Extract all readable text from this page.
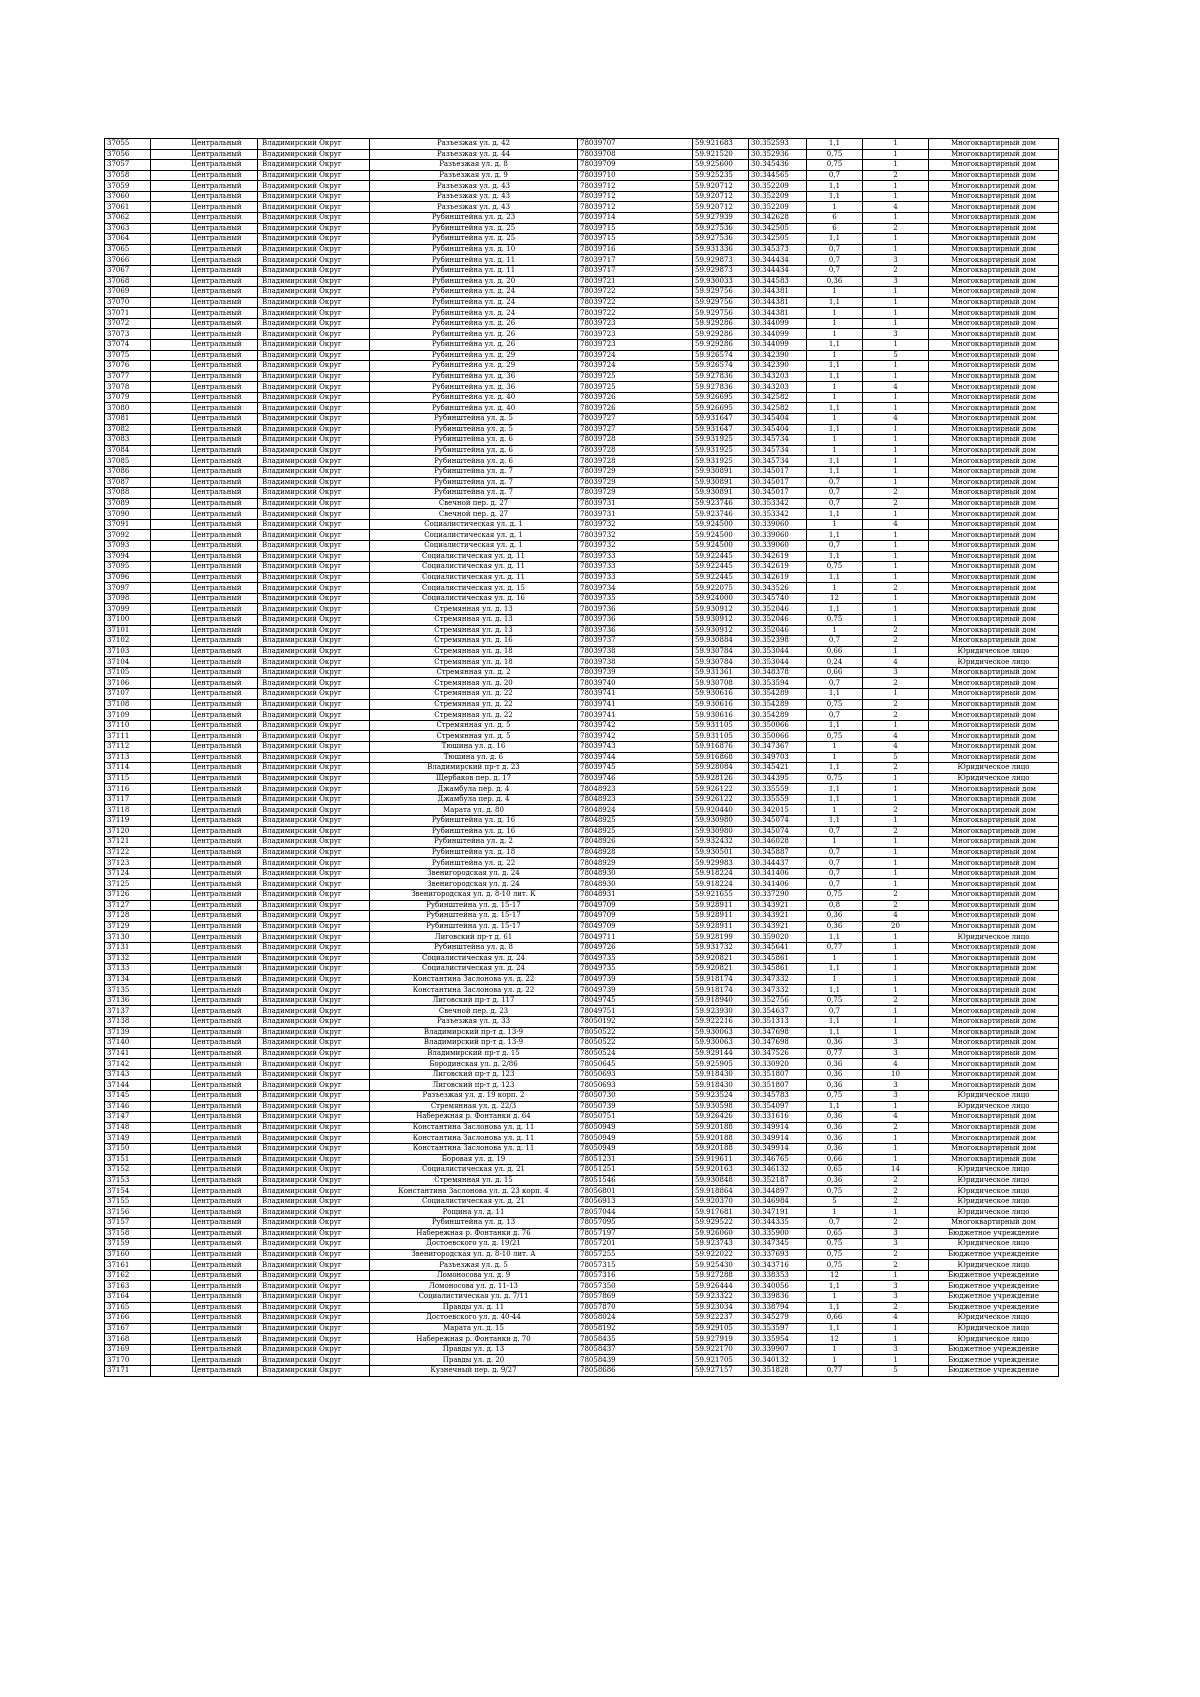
37055	Центральный	Владимирский Округ	Разъезжая ул. д. 42	78039707	59.921683	30.352593	1,1	1	Многоквартирный дом
37056	Центральный	Владимирский Округ	Разъезжая ул. д. 44	78039708	59.921520	30.352936	0,75	1	Многоквартирный дом
37057	Центральный	Владимирский Округ	Разъезжая ул. д. 8	78039709	59.925600	30.345436	0,75	1	Многоквартирный дом
37058	Центральный	Владимирский Округ	Разъезжая ул. д. 9	78039710	59.925235	30.344565	0,7	2	Многоквартирный дом
37059	Центральный	Владимирский Округ	Разъезжая ул. д. 43	78039712	59.920712	30.352209	1,1	1	Многоквартирный дом
37060	Центральный	Владимирский Округ	Разъезжая ул. д. 43	78039712	59.920712	30.352209	1,1	1	Многоквартирный дом
37061	Центральный	Владимирский Округ	Разъезжая ул. д. 43	78039712	59.920712	30.352209	1	4	Многоквартирный дом
37062	Центральный	Владимирский Округ	Рубинштейна ул. д. 23	78039714	59.927939	30.342628	6	1	Многоквартирный дом
37063	Центральный	Владимирский Округ	Рубинштейна ул. д. 25	78039715	59.927536	30.342505	6	2	Многоквартирный дом
37064	Центральный	Владимирский Округ	Рубинштейна ул. д. 25	78039715	59.927536	30.342505	1,1	1	Многоквартирный дом
37065	Центральный	Владимирский Округ	Рубинштейна ул. д. 10	78039716	59.931336	30.345373	0,7	1	Многоквартирный дом
37066	Центральный	Владимирский Округ	Рубинштейна ул. д. 11	78039717	59.929873	30.344434	0,7	3	Многоквартирный дом
37067	Центральный	Владимирский Округ	Рубинштейна ул. д. 11	78039717	59.929873	30.344434	0,7	2	Многоквартирный дом
37068	Центральный	Владимирский Округ	Рубинштейна ул. д. 20	78039721	59.930033	30.344583	0,36	3	Многоквартирный дом
37069	Центральный	Владимирский Округ	Рубинштейна ул. д. 24	78039722	59.929756	30.344381	1	1	Многоквартирный дом
37070	Центральный	Владимирский Округ	Рубинштейна ул. д. 24	78039722	59.929756	30.344381	1,1	1	Многоквартирный дом
37071	Центральный	Владимирский Округ	Рубинштейна ул. д. 24	78039722	59.929756	30.344381	1	1	Многоквартирный дом
37072	Центральный	Владимирский Округ	Рубинштейна ул. д. 26	78039723	59.929286	30.344099	1	1	Многоквартирный дом
37073	Центральный	Владимирский Округ	Рубинштейна ул. д. 26	78039723	59.929286	30.344099	1	3	Многоквартирный дом
37074	Центральный	Владимирский Округ	Рубинштейна ул. д. 26	78039723	59.929286	30.344099	1,1	1	Многоквартирный дом
37075	Центральный	Владимирский Округ	Рубинштейна ул. д. 29	78039724	59.926574	30.342390	1	5	Многоквартирный дом
37076	Центральный	Владимирский Округ	Рубинштейна ул. д. 29	78039724	59.926574	30.342390	1,1	1	Многоквартирный дом
37077	Центральный	Владимирский Округ	Рубинштейна ул. д. 36	78039725	59.927836	30.343203	1,1	1	Многоквартирный дом
37078	Центральный	Владимирский Округ	Рубинштейна ул. д. 36	78039725	59.927836	30.343203	1	4	Многоквартирный дом
37079	Центральный	Владимирский Округ	Рубинштейна ул. д. 40	78039726	59.926695	30.342582	1	1	Многоквартирный дом
37080	Центральный	Владимирский Округ	Рубинштейна ул. д. 40	78039726	59.926695	30.342582	1,1	1	Многоквартирный дом
37081	Центральный	Владимирский Округ	Рубинштейна ул. д. 5	78039727	59.931647	30.345404	1	4	Многоквартирный дом
37082	Центральный	Владимирский Округ	Рубинштейна ул. д. 5	78039727	59.931647	30.345404	1,1	1	Многоквартирный дом
37083	Центральный	Владимирский Округ	Рубинштейна ул. д. 6	78039728	59.931925	30.345734	1	1	Многоквартирный дом
37084	Центральный	Владимирский Округ	Рубинштейна ул. д. 6	78039728	59.931925	30.345734	1	1	Многоквартирный дом
37085	Центральный	Владимирский Округ	Рубинштейна ул. д. 6	78039728	59.931925	30.345734	1,1	1	Многоквартирный дом
37086	Центральный	Владимирский Округ	Рубинштейна ул. д. 7	78039729	59.930891	30.345017	1,1	1	Многоквартирный дом
37087	Центральный	Владимирский Округ	Рубинштейна ул. д. 7	78039729	59.930891	30.345017	0,7	1	Многоквартирный дом
37088	Центральный	Владимирский Округ	Рубинштейна ул. д. 7	78039729	59.930891	30.345017	0,7	2	Многоквартирный дом
37089	Центральный	Владимирский Округ	Свечной пер. д. 27	78039731	59.923746	30.353342	0,7	2	Многоквартирный дом
37090	Центральный	Владимирский Округ	Свечной пер. д. 27	78039731	59.923746	30.353342	1,1	1	Многоквартирный дом
37091	Центральный	Владимирский Округ	Социалистическая ул. д. 1	78039732	59.924500	30.339060	1	4	Многоквартирный дом
37092	Центральный	Владимирский Округ	Социалистическая ул. д. 1	78039732	59.924500	30.339060	1,1	1	Многоквартирный дом
37093	Центральный	Владимирский Округ	Социалистическая ул. д. 1	78039732	59.924500	30.339060	0,7	1	Многоквартирный дом
37094	Центральный	Владимирский Округ	Социалистическая ул. д. 11	78039733	59.922445	30.342619	1,1	1	Многоквартирный дом
37095	Центральный	Владимирский Округ	Социалистическая ул. д. 11	78039733	59.922445	30.342619	0,75	1	Многоквартирный дом
37096	Центральный	Владимирский Округ	Социалистическая ул. д. 11	78039733	59.922445	30.342619	1,1	1	Многоквартирный дом
37097	Центральный	Владимирский Округ	Социалистическая ул. д. 15	78039734	59.922075	30.343526	1	2	Многоквартирный дом
37098	Центральный	Владимирский Округ	Социалистическая ул. д. 16	78039735	59.924000	30.345740	12	1	Многоквартирный дом
37099	Центральный	Владимирский Округ	Стремянная ул. д. 13	78039736	59.930912	30.352046	1,1	1	Многоквартирный дом
37100	Центральный	Владимирский Округ	Стремянная ул. д. 13	78039736	59.930912	30.352046	0,75	1	Многоквартирный дом
37101	Центральный	Владимирский Округ	Стремянная ул. д. 13	78039736	59.930912	30.352046	1	2	Многоквартирный дом
37102	Центральный	Владимирский Округ	Стремянная ул. д. 16	78039737	59.930884	30.352398	0,7	2	Многоквартирный дом
37103	Центральный	Владимирский Округ	Стремянная ул. д. 18	78039738	59.930784	30.353044	0,66	1	Юридическое лицо
37104	Центральный	Владимирский Округ	Стремянная ул. д. 18	78039738	59.930784	30.353044	0,24	4	Юридическое лицо
37105	Центральный	Владимирский Округ	Стремянная ул. д. 2	78039739	59.931361	30.348378	0,66	3	Многоквартирный дом
37106	Центральный	Владимирский Округ	Стремянная ул. д. 20	78039740	59.930708	30.353594	0,7	2	Многоквартирный дом
37107	Центральный	Владимирский Округ	Стремянная ул. д. 22	78039741	59.930616	30.354289	1,1	1	Многоквартирный дом
37108	Центральный	Владимирский Округ	Стремянная ул. д. 22	78039741	59.930616	30.354289	0,75	2	Многоквартирный дом
37109	Центральный	Владимирский Округ	Стремянная ул. д. 22	78039741	59.930616	30.354289	0,7	2	Многоквартирный дом
37110	Центральный	Владимирский Округ	Стремянная ул. д. 5	78039742	59.931105	30.350066	1,1	1	Многоквартирный дом
37111	Центральный	Владимирский Округ	Стремянная ул. д. 5	78039742	59.931105	30.350066	0,75	4	Многоквартирный дом
37112	Центральный	Владимирский Округ	Тюшина ул. д. 16	78039743	59.916876	30.347367	1	4	Многоквартирный дом
37113	Центральный	Владимирский Округ	Тюшина ул. д. 6	78039744	59.916868	30.349703	1	5	Многоквартирный дом
37114	Центральный	Владимирский Округ	Владимирский пр-т д. 23	78039745	59.928084	30.345421	1,1	2	Юридическое лицо
37115	Центральный	Владимирский Округ	Щербаков пер. д. 17	78039746	59.928126	30.344395	0,75	1	Юридическое лицо
37116	Центральный	Владимирский Округ	Джамбула пер. д. 4	78048923	59.926122	30.335559	1,1	1	Многоквартирный дом
37117	Центральный	Владимирский Округ	Джамбула пер. д. 4	78048923	59.926122	30.335559	1,1	1	Многоквартирный дом
37118	Центральный	Владимирский Округ	Марата ул. д. 80	78048924	59.920440	30.342015	1	2	Многоквартирный дом
37119	Центральный	Владимирский Округ	Рубинштейна ул. д. 16	78048925	59.930980	30.345074	1,1	1	Многоквартирный дом
37120	Центральный	Владимирский Округ	Рубинштейна ул. д. 16	78048925	59.930980	30.345074	0,7	2	Многоквартирный дом
37121	Центральный	Владимирский Округ	Рубинштейна ул. д. 2	78048926	59.932432	30.346028	1	1	Многоквартирный дом
37122	Центральный	Владимирский Округ	Рубинштейна ул. д. 18	78048928	59.930501	30.345887	0,7	1	Многоквартирный дом
37123	Центральный	Владимирский Округ	Рубинштейна ул. д. 22	78048929	59.929983	30.344437	0,7	1	Многоквартирный дом
37124	Центральный	Владимирский Округ	Звенигородская ул. д. 24	78048930	59.918224	30.341406	0,7	1	Многоквартирный дом
37125	Центральный	Владимирский Округ	Звенигородская ул. д. 24	78048930	59.918224	30.341406	0,7	1	Многоквартирный дом
37126	Центральный	Владимирский Округ	Звенигородская ул. д. 8-10 лит. К	78048931	59.921655	30.337290	0,75	2	Многоквартирный дом
37127	Центральный	Владимирский Округ	Рубинштейна ул. д. 15-17	78049709	59.928911	30.343921	0,8	2	Многоквартирный дом
37128	Центральный	Владимирский Округ	Рубинштейна ул. д. 15-17	78049709	59.928911	30.343921	0,36	4	Многоквартирный дом
37129	Центральный	Владимирский Округ	Рубинштейна ул. д. 15-17	78049709	59.928911	30.343921	0,36	20	Многоквартирный дом
37130	Центральный	Владимирский Округ	Лиговский пр-т д. 61	78049711	59.928199	30.359020	1,1	1	Юридическое лицо
37131	Центральный	Владимирский Округ	Рубинштейна ул. д. 8	78049726	59.931732	30.345641	0,77	1	Многоквартирный дом
37132	Центральный	Владимирский Округ	Социалистическая ул. д. 24	78049735	59.920821	30.345861	1	1	Многоквартирный дом
37133	Центральный	Владимирский Округ	Социалистическая ул. д. 24	78049735	59.920821	30.345861	1,1	1	Многоквартирный дом
37134	Центральный	Владимирский Округ	Константина Заслонова ул. д. 22	78049739	59.918174	30.347332	1	1	Многоквартирный дом
37135	Центральный	Владимирский Округ	Константина Заслонова ул. д. 22	78049739	59.918174	30.347332	1,1	1	Многоквартирный дом
37136	Центральный	Владимирский Округ	Лиговский пр-т д. 117	78049745	59.918940	30.352756	0,75	2	Многоквартирный дом
37137	Центральный	Владимирский Округ	Свечной пер. д. 23	78049751	59.923930	30.354637	0,7	1	Многоквартирный дом
37138	Центральный	Владимирский Округ	Разъезжая ул. д. 33	78050192	59.922216	30.351313	1,1	1	Многоквартирный дом
37139	Центральный	Владимирский Округ	Владимирский пр-т д. 13-9	78050522	59.930063	30.347698	1,1	1	Многоквартирный дом
37140	Центральный	Владимирский Округ	Владимирский пр-т д. 13-9	78050522	59.930063	30.347698	0,36	3	Многоквартирный дом
37141	Центральный	Владимирский Округ	Владимирский пр-т д. 15	78050524	59.929144	30.347526	0,77	3	Многоквартирный дом
37142	Центральный	Владимирский Округ	Бородинская ул. д. 2/86	78050645	59.925905	30.330920	0,36	4	Многоквартирный дом
37143	Центральный	Владимирский Округ	Лиговский пр-т д. 123	78050693	59.918430	30.351807	0,36	10	Многоквартирный дом
37144	Центральный	Владимирский Округ	Лиговский пр-т д. 123	78050693	59.918430	30.351807	0,36	3	Многоквартирный дом
37145	Центральный	Владимирский Округ	Разъезжая ул. д. 19 корп. 2	78050730	59.923524	30.345783	0,75	3	Юридическое лицо
37146	Центральный	Владимирский Округ	Стремянная ул. д. 22/3	78050739	59.930598	30.354097	1,1	1	Юридическое лицо
37147	Центральный	Владимирский Округ	Набережная р. Фонтанки д. 64	78050751	59.926426	30.331616	0,36	4	Многоквартирный дом
37148	Центральный	Владимирский Округ	Константина Заслонова ул. д. 11	78050949	59.920188	30.349914	0,36	2	Многоквартирный дом
37149	Центральный	Владимирский Округ	Константина Заслонова ул. д. 11	78050949	59.920188	30.349914	0,36	1	Многоквартирный дом
37150	Центральный	Владимирский Округ	Константина Заслонова ул. д. 11	78050949	59.920188	30.349914	0,36	1	Многоквартирный дом
37151	Центральный	Владимирский Округ	Боровая ул. д. 19	78051231	59.919611	30.346765	0,66	1	Многоквартирный дом
37152	Центральный	Владимирский Округ	Социалистическая ул. д. 21	78051251	59.920163	30.346132	0,65	14	Юридическое лицо
37153	Центральный	Владимирский Округ	Стремянная ул. д. 15	78051546	59.930848	30.352187	0,36	2	Юридическое лицо
37154	Центральный	Владимирский Округ	Константина Заслонова ул. д. 23 корп. 4	78056801	59.918864	30.344897	0,75	2	Юридическое лицо
37155	Центральный	Владимирский Округ	Социалистическая ул. д. 21	78056913	59.920370	30.346984	5	2	Юридическое лицо
37156	Центральный	Владимирский Округ	Рощина ул. д. 11	78057044	59.917681	30.347191	1	1	Юридическое лицо
37157	Центральный	Владимирский Округ	Рубинштейна ул. д. 13	78057095	59.929522	30.344335	0,7	2	Многоквартирный дом
37158	Центральный	Владимирский Округ	Набережная р. Фонтанки д. 76	78057197	59.926060	30.335900	0,65	3	Бюджетное учреждение
37159	Центральный	Владимирский Округ	Достоевского ул. д. 19/21	78057201	59.923743	30.347345	0,75	3	Юридическое лицо
37160	Центральный	Владимирский Округ	Звенигородская ул. д. 8-10 лит. А	78057255	59.922022	30.337693	0,75	2	Бюджетное учреждение
37161	Центральный	Владимирский Округ	Разъезжая ул. д. 5	78057315	59.925430	30.343716	0,75	2	Юридическое лицо
37162	Центральный	Владимирский Округ	Ломоносова ул. д. 9	78057316	59.927288	30.338353	12	1	Бюджетное учреждение
37163	Центральный	Владимирский Округ	Ломоносова ул. д. 11-13	78057350	59.926444	30.340056	1,1	3	Бюджетное учреждение
37164	Центральный	Владимирский Округ	Социалистическая ул. д. 7/11	78057869	59.923322	30.339836	1	3	Бюджетное учреждение
37165	Центральный	Владимирский Округ	Правды ул. д. 11	78057870	59.923034	30.338794	1,1	2	Бюджетное учреждение
37166	Центральный	Владимирский Округ	Достоевского ул. д. 40-44	78058024	59.922237	30.345279	0,66	4	Юридическое лицо
37167	Центральный	Владимирский Округ	Марата ул. д. 15	78058192	59.929105	30.353597	1,1	1	Юридическое лицо
37168	Центральный	Владимирский Округ	Набережная р. Фонтанки д. 70	78058435	59.927919	30.335954	12	1	Юридическое лицо
37169	Центральный	Владимирский Округ	Правды ул. д. 13	78058437	59.922170	30.339907	1	3	Бюджетное учреждение
37170	Центральный	Владимирский Округ	Правды ул. д. 20	78058439	59.921705	30.340132	1	1	Бюджетное учреждение
37171	Центральный	Владимирский Округ	Кузнечный пер. д. 9/27	78058686	59.927157	30.351828	0,77	5	Бюджетное учреждение
